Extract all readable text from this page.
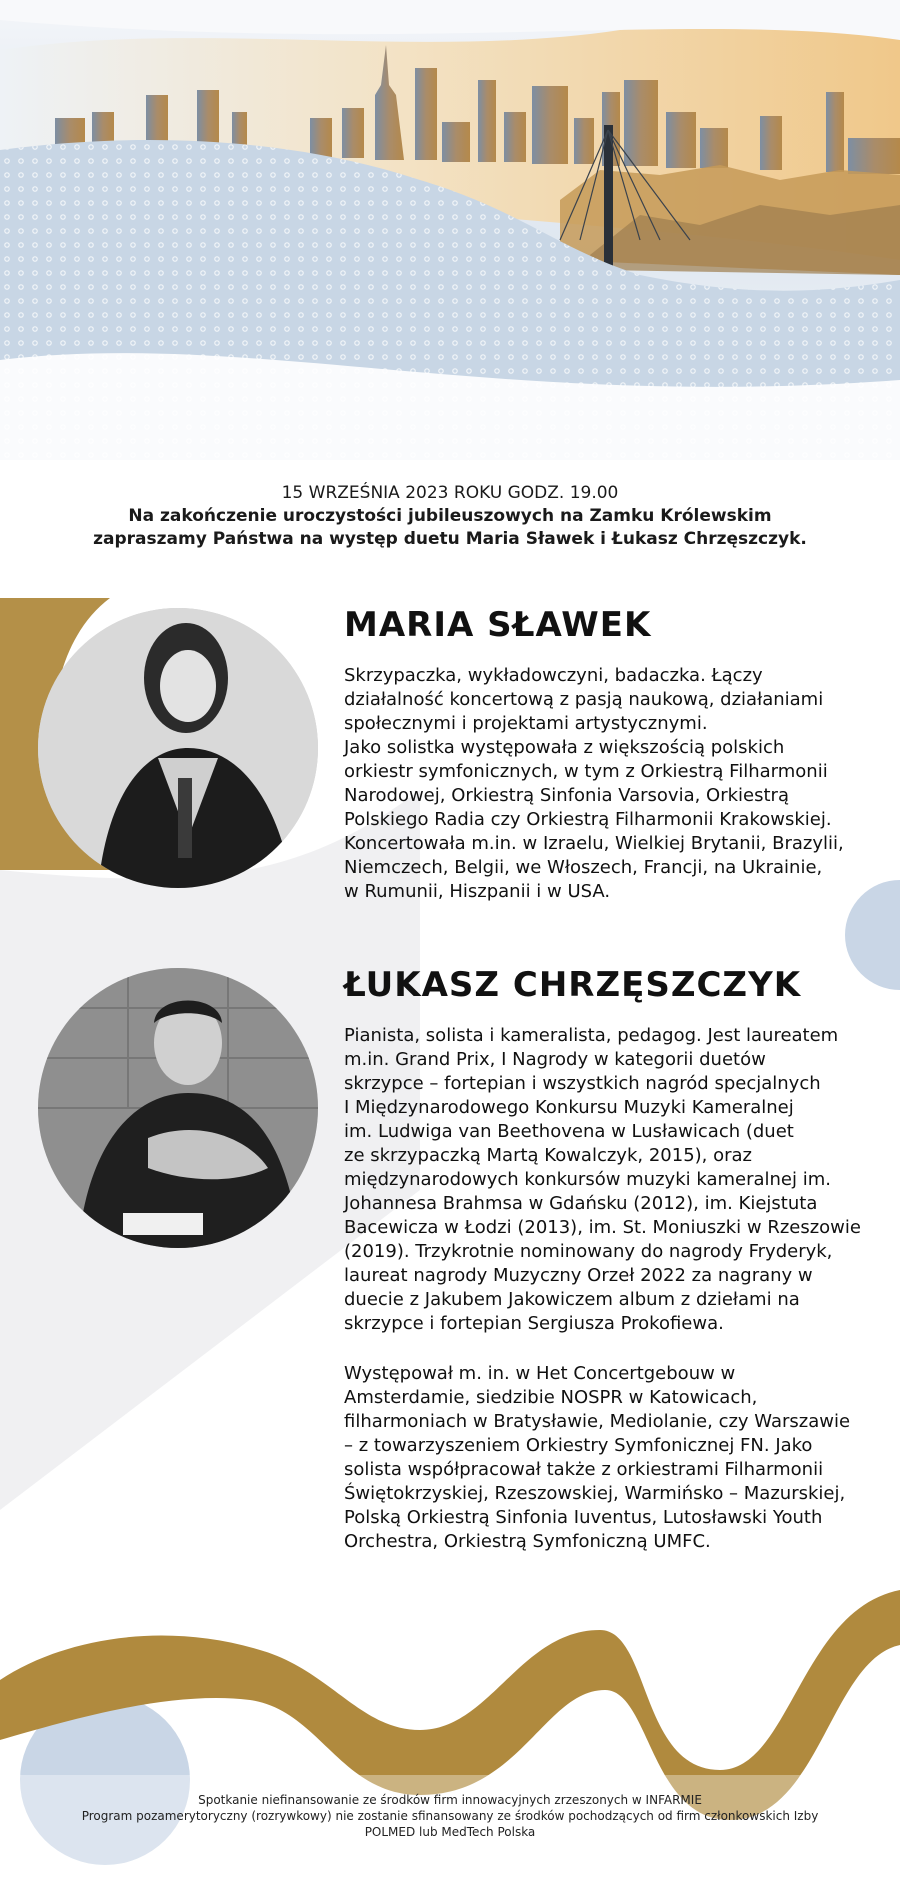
15 WRZEŚNIA 2023 ROKU GODZ. 19.00
Na zakończenie uroczystości jubileuszowych na Zamku Królewskim
zapraszamy Państwa na występ duetu Maria Sławek i Łukasz Chrzęszczyk.
MARIA SŁAWEK

Skrzypaczka, wykładowczyni, badaczka. Łączy

działalność koncertową z pasją naukową, działaniami

społecznymi i projektami artystycznymi.

Jako solistka występowała z większością polskich

orkiestr symfonicznych, w tym z Orkiestrą Filharmonii

Narodowej, Orkiestrą Sinfonia Varsovia, Orkiestrą

Polskiego Radia czy Orkiestrą Filharmonii Krakowskiej.

Koncertowała m.in. w Izraelu, Wielkiej Brytanii, Brazylii,

Niemczech, Belgii, we Włoszech, Francji, na Ukrainie,

w Rumunii, Hiszpanii i w USA.

ŁUKASZ CHRZĘSZCZYK

Pianista, solista i kameralista, pedagog. Jest laureatem

m.in. Grand Prix, I Nagrody w kategorii duetów

skrzypce – fortepian i wszystkich nagród specjalnych

I Międzynarodowego Konkursu Muzyki Kameralnej

im. Ludwiga van Beethovena w Lusławicach (duet

ze skrzypaczką Martą Kowalczyk, 2015), oraz

międzynarodowych konkursów muzyki kameralnej im.

Johannesa Brahmsa w Gdańsku (2012), im. Kiejstuta

Bacewicza w Łodzi (2013), im. St. Moniuszki w Rzeszowie

(2019). Trzykrotnie nominowany do nagrody Fryderyk,

laureat nagrody Muzyczny Orzeł 2022 za nagrany w

duecie z Jakubem Jakowiczem album z dziełami na

skrzypce i fortepian Sergiusza Prokofiewa.

Występował m. in. w Het Concertgebouw w

Amsterdamie, siedzibie NOSPR w Katowicach,

filharmoniach w Bratysławie, Mediolanie, czy Warszawie

– z towarzyszeniem Orkiestry Symfonicznej FN. Jako

solista współpracował także z orkiestrami Filharmonii

Świętokrzyskiej, Rzeszowskiej, Warmińsko – Mazurskiej,

Polską Orkiestrą Sinfonia Iuventus, Lutosławski Youth

Orchestra, Orkiestrą Symfoniczną UMFC.

Spotkanie niefinansowanie ze środków firm innowacyjnych zrzeszonych w INFARMIE
Program pozamerytoryczny (rozrywkowy) nie zostanie sfinansowany ze środków pochodzących od firm członkowskich Izby
POLMED lub MedTech Polska
